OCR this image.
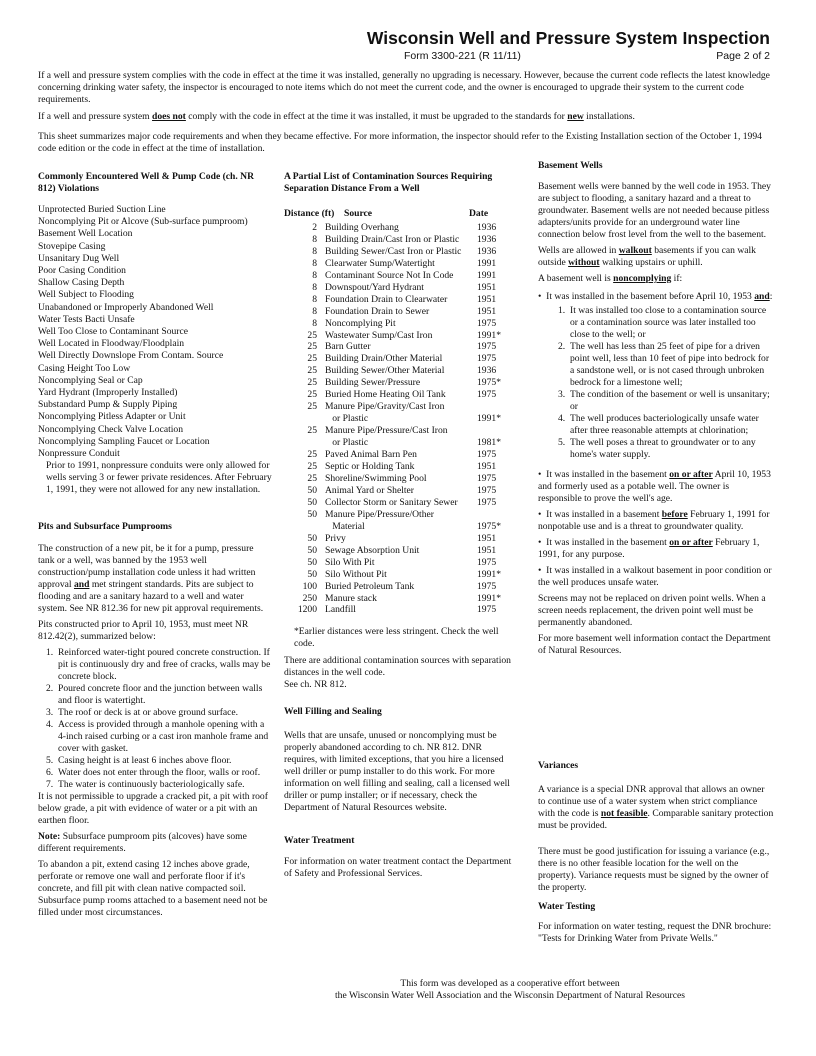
Wisconsin Well and Pressure System Inspection
Form 3300-221 (R 11/11)	Page 2 of 2

If a well and pressure system complies with the code in effect at the time it was installed, generally no upgrading is necessary. However, because the current code reflects the latest knowledge concerning drinking water safety, the inspector is encouraged to note items which do not meet the current code, and the owner is encouraged to upgrade their system to the current code requirements.

If a well and pressure system does not comply with the code in effect at the time it was installed, it must be upgraded to the standards for new installations.

This sheet summarizes major code requirements and when they became effective. For more information, the inspector should refer to the Existing Installation section of the October 1, 1994 code edition or the code in effect at the time of installation.

Commonly Encountered Well & Pump Code (ch. NR 812) Violations
Unprotected Buried Suction Line
Noncomplying Pit or Alcove (Sub-surface pumproom)
Basement Well Location
Stovepipe Casing
Unsanitary Dug Well
Poor Casing Condition
Shallow Casing Depth
Well Subject to Flooding
Unabandoned or Improperly Abandoned Well
Water Tests Bacti Unsafe
Well Too Close to Contaminant Source
Well Located in Floodway/Floodplain
Well Directly Downslope From Contam. Source
Casing Height Too Low
Noncomplying Seal or Cap
Yard Hydrant (Improperly Installed)
Substandard Pump & Supply Piping
Noncomplying Pitless Adapter or Unit
Noncomplying Check Valve Location
Noncomplying Sampling Faucet or Location
Nonpressure Conduit
Prior to 1991, nonpressure conduits were only allowed for wells serving 3 or fewer private residences. After February 1, 1991, they were not allowed for any new installation.
Pits and Subsurface Pumprooms

The construction of a new pit, be it for a pump, pressure tank or a well, was banned by the 1953 well construction/pump installation code unless it had written approval and met stringent standards. Pits are subject to flooding and are a sanitary hazard to a well and water system. See NR 812.36 for new pit approval requirements.

Pits constructed prior to April 10, 1953, must meet NR 812.42(2), summarized below:

1. Reinforced water-tight poured concrete construction. If pit is continuously dry and free of cracks, walls may be concrete block.
2. Poured concrete floor and the junction between walls and floor is watertight.
3. The roof or deck is at or above ground surface.
4. Access is provided through a manhole opening with a 4-inch raised curbing or a cast iron manhole frame and cover with gasket.
5. Casing height is at least 6 inches above floor.
6. Water does not enter through the floor, walls or roof.
7. The water is continuously bacteriologically safe.

It is not permissible to upgrade a cracked pit, a pit with roof below grade, a pit with evidence of water or a pit with an earthen floor.

Note: Subsurface pumproom pits (alcoves) have some different requirements.

To abandon a pit, extend casing 12 inches above grade, perforate or remove one wall and perforate floor if it's concrete, and fill pit with clean native compacted soil. Subsurface pump rooms attached to a basement need not be filled under most circumstances.

A Partial List of Contamination Sources Requiring Separation Distance From a Well
Distance (ft)	Source	Date
2 Building Overhang	1936
8 Building Drain/Cast Iron or Plastic	1936
8 Building Sewer/Cast Iron or Plastic	1936
8 Clearwater Sump/Watertight	1991
8 Contaminant Source Not In Code	1991
8 Downspout/Yard Hydrant	1951
8 Foundation Drain to Clearwater	1951
8 Foundation Drain to Sewer	1951
8 Noncomplying Pit	1975
25 Wastewater Sump/Cast Iron	1991*
25 Barn Gutter	1975
25 Building Drain/Other Material	1975
25 Building Sewer/Other Material	1936
25 Building Sewer/Pressure	1975*
25 Buried Home Heating Oil Tank	1975
25 Manure Pipe/Gravity/Cast Iron
or Plastic	1991*
25 Manure Pipe/Pressure/Cast Iron
or Plastic	1981*
25 Paved Animal Barn Pen	1975
25 Septic or Holding Tank	1951
25 Shoreline/Swimming Pool	1975
50 Animal Yard or Shelter	1975
50 Collector Storm or Sanitary Sewer	1975
50 Manure Pipe/Pressure/Other
Material	1975*
50 Privy	1951
50 Sewage Absorption Unit	1951
50 Silo With Pit	1975
50 Silo Without Pit	1991*
100 Buried Petroleum Tank	1975
250 Manure stack	1991*
1200 Landfill	1975

*Earlier distances were less stringent. Check the well code.

There are additional contamination sources with separation distances in the well code.

See ch. NR 812.

Well Filling and Sealing

Wells that are unsafe, unused or noncomplying must be properly abandoned according to ch. NR 812. DNR requires, with limited exceptions, that you hire a licensed well driller or pump installer to do this work. For more information on well filling and sealing, call a licensed well driller or pump installer; or if necessary, check the Department of Natural Resources website.

Water Treatment

For information on water treatment contact the Department of Safety and Professional Services.

Basement Wells

Basement wells were banned by the well code in 1953. They are subject to flooding, a sanitary hazard and a threat to groundwater. Basement wells are not needed because pitless adapters/units provide for an underground water line connection below frost level from the well to the basement.

Wells are allowed in walkout basements if you can walk outside without walking upstairs or uphill.

A basement well is noncomplying if:

•  It was installed in the basement before April 10, 1953 and:

1. It was installed too close to a contamination source or a contamination source was later installed too close to the well; or
2. The well has less than 25 feet of pipe for a driven point well, less than 10 feet of pipe into bedrock for a sandstone well, or is not cased through unbroken bedrock for a limestone well;
3. The condition of the basement or well is unsanitary; or
4. The well produces bacteriologically unsafe water after three reasonable attempts at chlorination;
5. The well poses a threat to groundwater or to any home's water supply.

•  It was installed in the basement on or after April 10, 1953 and formerly used as a potable well. The owner is responsible to prove the well's age.

•  It was installed in a basement before February 1, 1991 for nonpotable use and is a threat to groundwater quality.

•  It was installed in the basement on or after February 1, 1991, for any purpose.

•  It was installed in a walkout basement in poor condition or the well produces unsafe water.

Screens may not be replaced on driven point wells. When a screen needs replacement, the driven point well must be permanently abandoned.

For more basement well information contact the Department of Natural Resources.

Variances

A variance is a special DNR approval that allows an owner to continue use of a water system when strict compliance with the code is not feasible. Comparable sanitary protection must be provided.

There must be good justification for issuing a variance (e.g., there is no other feasible location for the well on the property). Variance requests must be signed by the owner of the property.

Water Testing

For information on water testing, request the DNR brochure: "Tests for Drinking Water from Private Wells."

This form was developed as a cooperative effort between
the Wisconsin Water Well Association and the Wisconsin Department of Natural Resources
